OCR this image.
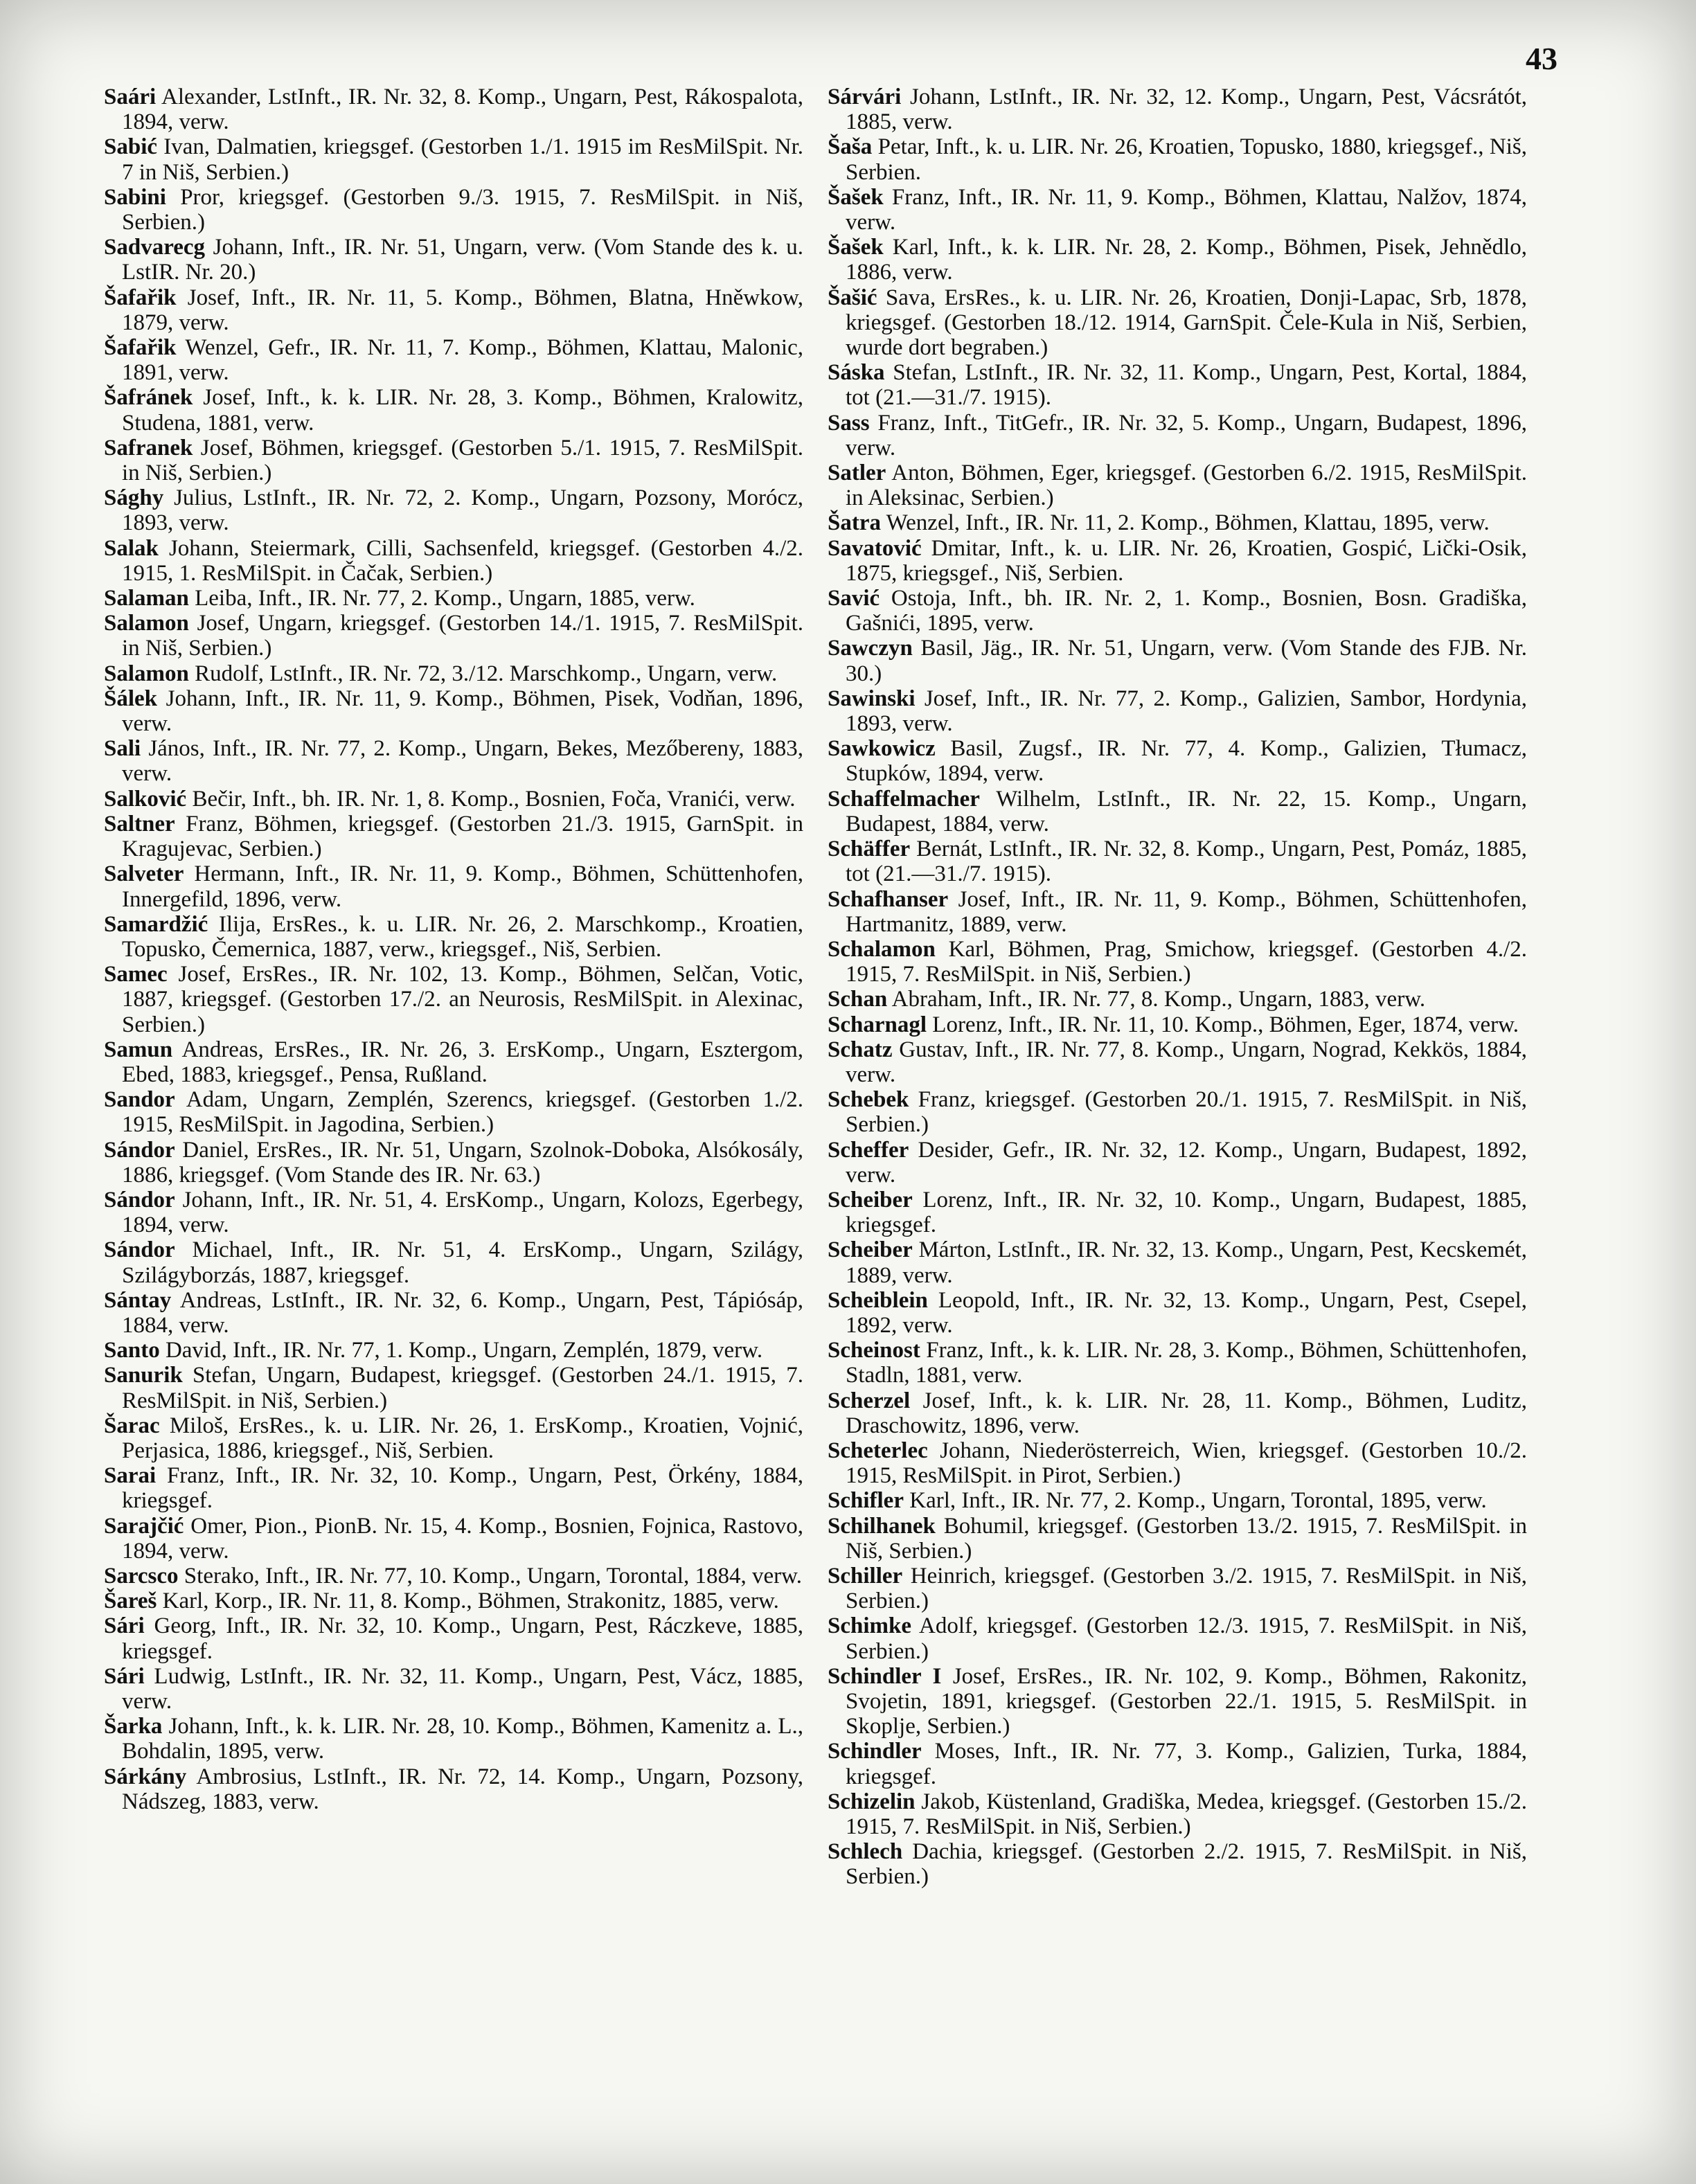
43

Saári Alexander, LstInft., IR. Nr. 32, 8. Komp., Ungarn, Pest, Rákospalota, 1894, verw.

Sabić Ivan, Dalmatien, kriegsgef. (Gestorben 1./1. 1915 im ResMilSpit. Nr. 7 in Niš, Serbien.)

Sabini Pror, kriegsgef. (Gestorben 9./3. 1915, 7. ResMilSpit. in Niš, Serbien.)

Sadvarecg Johann, Inft., IR. Nr. 51, Ungarn, verw. (Vom Stande des k. u. LstIR. Nr. 20.)

Šafařik Josef, Inft., IR. Nr. 11, 5. Komp., Böhmen, Blatna, Hněwkow, 1879, verw.

Šafařik Wenzel, Gefr., IR. Nr. 11, 7. Komp., Böhmen, Klattau, Malonic, 1891, verw.

Šafránek Josef, Inft., k. k. LIR. Nr. 28, 3. Komp., Böhmen, Kralowitz, Studena, 1881, verw.

Safranek Josef, Böhmen, kriegsgef. (Gestorben 5./1. 1915, 7. ResMilSpit. in Niš, Serbien.)

Sághy Julius, LstInft., IR. Nr. 72, 2. Komp., Ungarn, Pozsony, Morócz, 1893, verw.

Salak Johann, Steiermark, Cilli, Sachsenfeld, kriegsgef. (Gestorben 4./2. 1915, 1. ResMilSpit. in Čačak, Serbien.)

Salaman Leiba, Inft., IR. Nr. 77, 2. Komp., Ungarn, 1885, verw.

Salamon Josef, Ungarn, kriegsgef. (Gestorben 14./1. 1915, 7. ResMilSpit. in Niš, Serbien.)

Salamon Rudolf, LstInft., IR. Nr. 72, 3./12. Marschkomp., Ungarn, verw.

Šálek Johann, Inft., IR. Nr. 11, 9. Komp., Böhmen, Pisek, Vodňan, 1896, verw.

Sali János, Inft., IR. Nr. 77, 2. Komp., Ungarn, Bekes, Mezőbereny, 1883, verw.

Salković Bečir, Inft., bh. IR. Nr. 1, 8. Komp., Bosnien, Foča, Vranići, verw.

Saltner Franz, Böhmen, kriegsgef. (Gestorben 21./3. 1915, GarnSpit. in Kragujevac, Serbien.)

Salveter Hermann, Inft., IR. Nr. 11, 9. Komp., Böhmen, Schüttenhofen, Innergefild, 1896, verw.

Samardžić Ilija, ErsRes., k. u. LIR. Nr. 26, 2. Marschkomp., Kroatien, Topusko, Čemernica, 1887, verw., kriegsgef., Niš, Serbien.

Samec Josef, ErsRes., IR. Nr. 102, 13. Komp., Böhmen, Selčan, Votic, 1887, kriegsgef. (Gestorben 17./2. an Neurosis, ResMilSpit. in Alexinac, Serbien.)

Samun Andreas, ErsRes., IR. Nr. 26, 3. ErsKomp., Ungarn, Esztergom, Ebed, 1883, kriegsgef., Pensa, Rußland.

Sandor Adam, Ungarn, Zemplén, Szerencs, kriegsgef. (Gestorben 1./2. 1915, ResMilSpit. in Jagodina, Serbien.)

Sándor Daniel, ErsRes., IR. Nr. 51, Ungarn, Szolnok-Doboka, Alsókosály, 1886, kriegsgef. (Vom Stande des IR. Nr. 63.)

Sándor Johann, Inft., IR. Nr. 51, 4. ErsKomp., Ungarn, Kolozs, Egerbegy, 1894, verw.

Sándor Michael, Inft., IR. Nr. 51, 4. ErsKomp., Ungarn, Szilágy, Szilágyborzás, 1887, kriegsgef.

Sántay Andreas, LstInft., IR. Nr. 32, 6. Komp., Ungarn, Pest, Tápiósáp, 1884, verw.

Santo David, Inft., IR. Nr. 77, 1. Komp., Ungarn, Zemplén, 1879, verw.

Sanurik Stefan, Ungarn, Budapest, kriegsgef. (Gestorben 24./1. 1915, 7. ResMilSpit. in Niš, Serbien.)

Šarac Miloš, ErsRes., k. u. LIR. Nr. 26, 1. ErsKomp., Kroatien, Vojnić, Perjasica, 1886, kriegsgef., Niš, Serbien.

Sarai Franz, Inft., IR. Nr. 32, 10. Komp., Ungarn, Pest, Örkény, 1884, kriegsgef.

Sarajčić Omer, Pion., PionB. Nr. 15, 4. Komp., Bosnien, Fojnica, Rastovo, 1894, verw.

Sarcsco Sterako, Inft., IR. Nr. 77, 10. Komp., Ungarn, Torontal, 1884, verw.

Šareš Karl, Korp., IR. Nr. 11, 8. Komp., Böhmen, Strakonitz, 1885, verw.

Sári Georg, Inft., IR. Nr. 32, 10. Komp., Ungarn, Pest, Ráczkeve, 1885, kriegsgef.

Sári Ludwig, LstInft., IR. Nr. 32, 11. Komp., Ungarn, Pest, Vácz, 1885, verw.

Šarka Johann, Inft., k. k. LIR. Nr. 28, 10. Komp., Böhmen, Kamenitz a. L., Bohdalin, 1895, verw.

Sárkány Ambrosius, LstInft., IR. Nr. 72, 14. Komp., Ungarn, Pozsony, Nádszeg, 1883, verw.

Sárvári Johann, LstInft., IR. Nr. 32, 12. Komp., Ungarn, Pest, Vácsrátót, 1885, verw.

Šaša Petar, Inft., k. u. LIR. Nr. 26, Kroatien, Topusko, 1880, kriegsgef., Niš, Serbien.

Šašek Franz, Inft., IR. Nr. 11, 9. Komp., Böhmen, Klattau, Nalžov, 1874, verw.

Šašek Karl, Inft., k. k. LIR. Nr. 28, 2. Komp., Böhmen, Pisek, Jehnědlo, 1886, verw.

Šašić Sava, ErsRes., k. u. LIR. Nr. 26, Kroatien, Donji-Lapac, Srb, 1878, kriegsgef. (Gestorben 18./12. 1914, GarnSpit. Čele-Kula in Niš, Serbien, wurde dort begraben.)

Sáska Stefan, LstInft., IR. Nr. 32, 11. Komp., Ungarn, Pest, Kortal, 1884, tot (21.—31./7. 1915).

Sass Franz, Inft., TitGefr., IR. Nr. 32, 5. Komp., Ungarn, Budapest, 1896, verw.

Satler Anton, Böhmen, Eger, kriegsgef. (Gestorben 6./2. 1915, ResMilSpit. in Aleksinac, Serbien.)

Šatra Wenzel, Inft., IR. Nr. 11, 2. Komp., Böhmen, Klattau, 1895, verw.

Savatović Dmitar, Inft., k. u. LIR. Nr. 26, Kroatien, Gospić, Lički-Osik, 1875, kriegsgef., Niš, Serbien.

Savić Ostoja, Inft., bh. IR. Nr. 2, 1. Komp., Bosnien, Bosn. Gradiška, Gašnići, 1895, verw.

Sawczyn Basil, Jäg., IR. Nr. 51, Ungarn, verw. (Vom Stande des FJB. Nr. 30.)

Sawinski Josef, Inft., IR. Nr. 77, 2. Komp., Galizien, Sambor, Hordynia, 1893, verw.

Sawkowicz Basil, Zugsf., IR. Nr. 77, 4. Komp., Galizien, Tłumacz, Stupków, 1894, verw.

Schaffelmacher Wilhelm, LstInft., IR. Nr. 22, 15. Komp., Ungarn, Budapest, 1884, verw.

Schäffer Bernát, LstInft., IR. Nr. 32, 8. Komp., Ungarn, Pest, Pomáz, 1885, tot (21.—31./7. 1915).

Schafhanser Josef, Inft., IR. Nr. 11, 9. Komp., Böhmen, Schüttenhofen, Hartmanitz, 1889, verw.

Schalamon Karl, Böhmen, Prag, Smichow, kriegsgef. (Gestorben 4./2. 1915, 7. ResMilSpit. in Niš, Serbien.)

Schan Abraham, Inft., IR. Nr. 77, 8. Komp., Ungarn, 1883, verw.

Scharnagl Lorenz, Inft., IR. Nr. 11, 10. Komp., Böhmen, Eger, 1874, verw.

Schatz Gustav, Inft., IR. Nr. 77, 8. Komp., Ungarn, Nograd, Kekkös, 1884, verw.

Schebek Franz, kriegsgef. (Gestorben 20./1. 1915, 7. ResMilSpit. in Niš, Serbien.)

Scheffer Desider, Gefr., IR. Nr. 32, 12. Komp., Ungarn, Budapest, 1892, verw.

Scheiber Lorenz, Inft., IR. Nr. 32, 10. Komp., Ungarn, Budapest, 1885, kriegsgef.

Scheiber Márton, LstInft., IR. Nr. 32, 13. Komp., Ungarn, Pest, Kecskemét, 1889, verw.

Scheiblein Leopold, Inft., IR. Nr. 32, 13. Komp., Ungarn, Pest, Csepel, 1892, verw.

Scheinost Franz, Inft., k. k. LIR. Nr. 28, 3. Komp., Böhmen, Schüttenhofen, Stadln, 1881, verw.

Scherzel Josef, Inft., k. k. LIR. Nr. 28, 11. Komp., Böhmen, Luditz, Draschowitz, 1896, verw.

Scheterlec Johann, Niederösterreich, Wien, kriegsgef. (Gestorben 10./2. 1915, ResMilSpit. in Pirot, Serbien.)

Schifler Karl, Inft., IR. Nr. 77, 2. Komp., Ungarn, Torontal, 1895, verw.

Schilhanek Bohumil, kriegsgef. (Gestorben 13./2. 1915, 7. ResMilSpit. in Niš, Serbien.)

Schiller Heinrich, kriegsgef. (Gestorben 3./2. 1915, 7. ResMilSpit. in Niš, Serbien.)

Schimke Adolf, kriegsgef. (Gestorben 12./3. 1915, 7. ResMilSpit. in Niš, Serbien.)

Schindler I Josef, ErsRes., IR. Nr. 102, 9. Komp., Böhmen, Rakonitz, Svojetin, 1891, kriegsgef. (Gestorben 22./1. 1915, 5. ResMilSpit. in Skoplje, Serbien.)

Schindler Moses, Inft., IR. Nr. 77, 3. Komp., Galizien, Turka, 1884, kriegsgef.

Schizelin Jakob, Küstenland, Gradiška, Medea, kriegsgef. (Gestorben 15./2. 1915, 7. ResMilSpit. in Niš, Serbien.)

Schlech Dachia, kriegsgef. (Gestorben 2./2. 1915, 7. ResMilSpit. in Niš, Serbien.)
